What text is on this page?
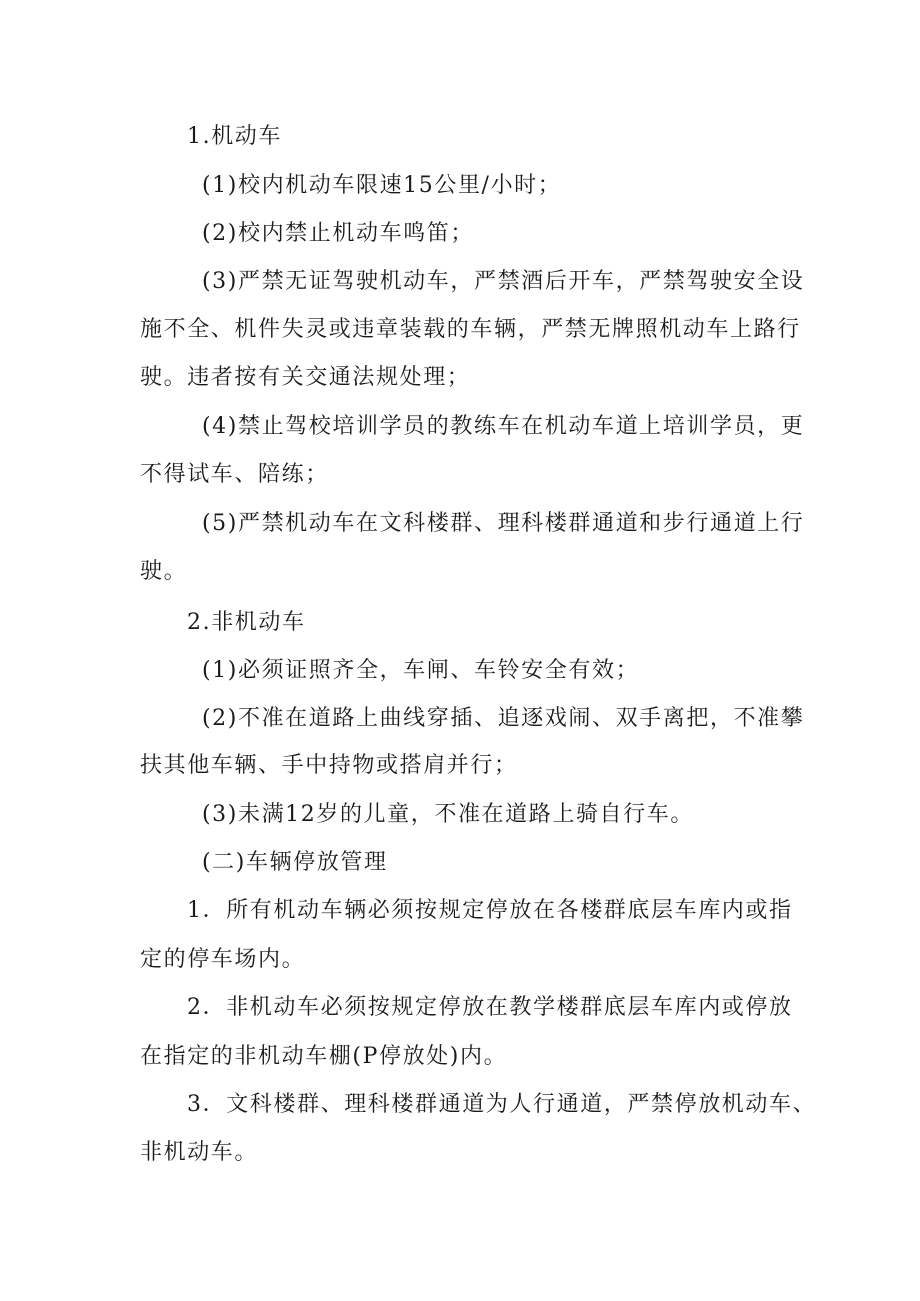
1.机动车
(1)校内机动车限速15公里/小时；
(2)校内禁止机动车鸣笛；
(3)严禁无证驾驶机动车，严禁酒后开车，严禁驾驶安全设
施不全、机件失灵或违章装载的车辆，严禁无牌照机动车上路行
驶。违者按有关交通法规处理；
(4)禁止驾校培训学员的教练车在机动车道上培训学员，更
不得试车、陪练；
(5)严禁机动车在文科楼群、理科楼群通道和步行通道上行
驶。
2.非机动车
(1)必须证照齐全，车闸、车铃安全有效；
(2)不准在道路上曲线穿插、追逐戏闹、双手离把，不准攀
扶其他车辆、手中持物或搭肩并行；
(3)未满12岁的儿童，不准在道路上骑自行车。
(二)车辆停放管理
1．所有机动车辆必须按规定停放在各楼群底层车库内或指
定的停车场内。
2．非机动车必须按规定停放在教学楼群底层车库内或停放
在指定的非机动车棚(P停放处)内。
3．文科楼群、理科楼群通道为人行通道，严禁停放机动车、
非机动车。
